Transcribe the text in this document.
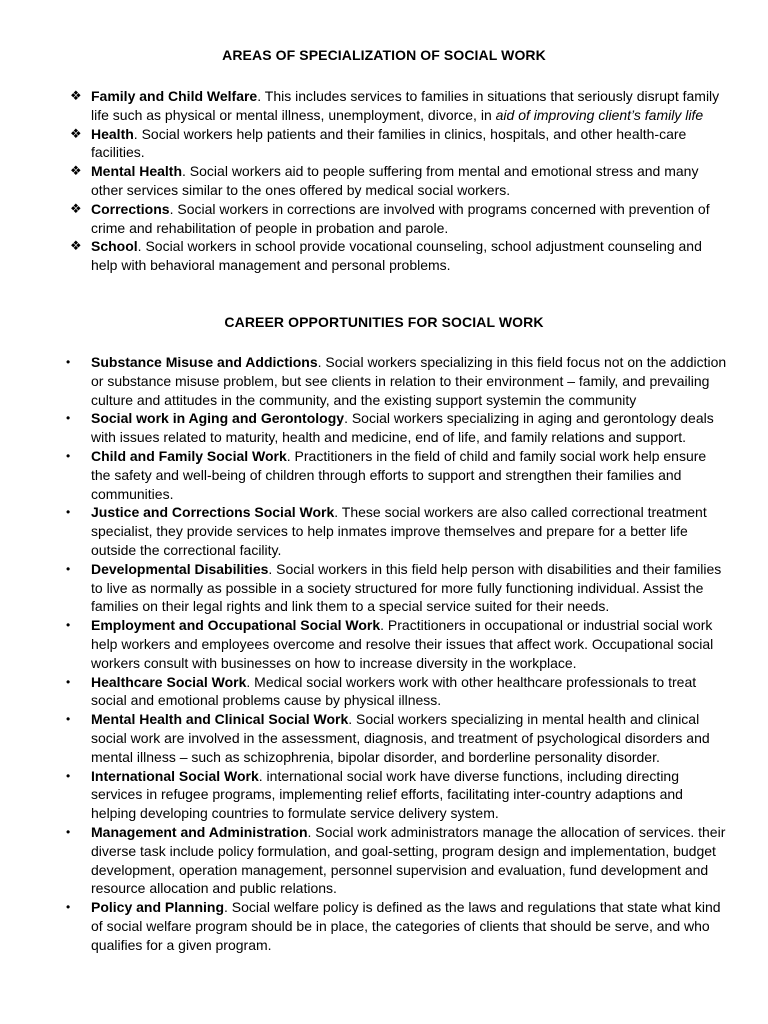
AREAS OF SPECIALIZATION OF SOCIAL WORK
❖ Family and Child Welfare. This includes services to families in situations that seriously disrupt family life such as physical or mental illness, unemployment, divorce, in aid of improving client’s family life
❖ Health. Social workers help patients and their families in clinics, hospitals, and other health-care facilities.
❖ Mental Health. Social workers aid to people suffering from mental and emotional stress and many other services similar to the ones offered by medical social workers.
❖ Corrections. Social workers in corrections are involved with programs concerned with prevention of crime and rehabilitation of people in probation and parole.
❖ School. Social workers in school provide vocational counseling, school adjustment counseling and help with behavioral management and personal problems.
CAREER OPPORTUNITIES FOR SOCIAL WORK
• Substance Misuse and Addictions. Social workers specializing in this field focus not on the addiction or substance misuse problem, but see clients in relation to their environment – family, and prevailing culture and attitudes in the community, and the existing support systemin the community
• Social work in Aging and Gerontology. Social workers specializing in aging and gerontology deals with issues related to maturity, health and medicine, end of life, and family relations and support.
• Child and Family Social Work. Practitioners in the field of child and family social work help ensure the safety and well-being of children through efforts to support and strengthen their families and communities.
• Justice and Corrections Social Work. These social workers are also called correctional treatment specialist, they provide services to help inmates improve themselves and prepare for a better life outside the correctional facility.
• Developmental Disabilities. Social workers in this field help person with disabilities and their families to live as normally as possible in a society structured for more fully functioning individual. Assist the families on their legal rights and link them to a special service suited for their needs.
• Employment and Occupational Social Work. Practitioners in occupational or industrial social work help workers and employees overcome and resolve their issues that affect work. Occupational social workers consult with businesses on how to increase diversity in the workplace.
• Healthcare Social Work. Medical social workers work with other healthcare professionals to treat social and emotional problems cause by physical illness.
• Mental Health and Clinical Social Work. Social workers specializing in mental health and clinical social work are involved in the assessment, diagnosis, and treatment of psychological disorders and mental illness – such as schizophrenia, bipolar disorder, and borderline personality disorder.
• International Social Work. international social work have diverse functions, including directing services in refugee programs, implementing relief efforts, facilitating inter-country adaptions and helping developing countries to formulate service delivery system.
• Management and Administration. Social work administrators manage the allocation of services. their diverse task include policy formulation, and goal-setting, program design and implementation, budget development, operation management, personnel supervision and evaluation, fund development and resource allocation and public relations.
• Policy and Planning. Social welfare policy is defined as the laws and regulations that state what kind of social welfare program should be in place, the categories of clients that should be serve, and who qualifies for a given program.
